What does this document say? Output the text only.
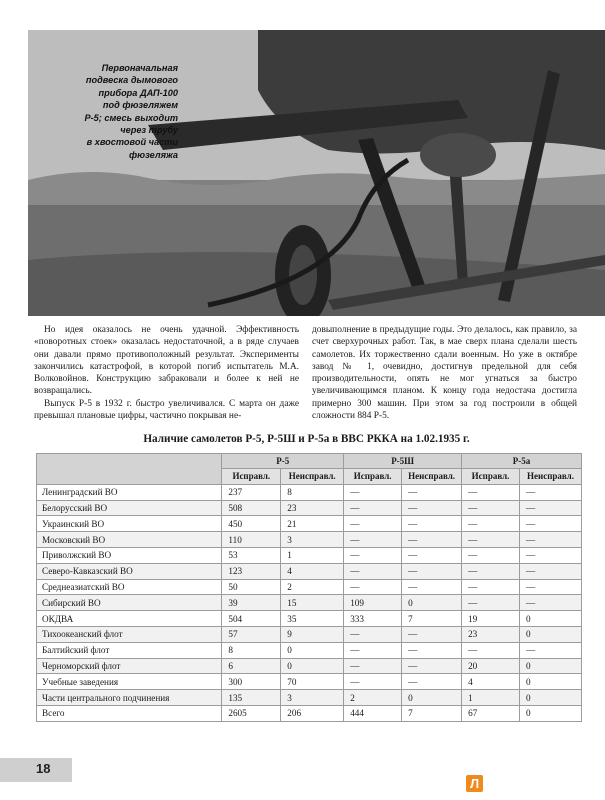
Первоначальная
подвеска дымового
прибора ДАП-100
под фюзеляжем
Р-5; смесь выходит
через трубу
в хвостовой части
фюзеляжа

Но идея оказалось не очень удачной. Эффективность «поворотных стоек» оказалась недостаточной, а в ряде случаев они давали прямо противоположный результат. Эксперименты закончились катастрофой, в которой погиб испытатель М.А. Волковойнов. Конструкцию забраковали и более к ней не возвращались.

Выпуск Р-5 в 1932 г. быстро увеличивался. С марта он даже превышал плановые цифры, частично покрывая не-

довыполнение в предыдущие годы. Это делалось, как правило, за счет сверхурочных работ. Так, в мае сверх плана сделали шесть самолетов. Их торжественно сдали военным. Но уже в октябре завод № 1, очевидно, достигнув предельной для себя производительности, опять не мог угнаться за быстро увеличивающимся планом. К концу года недостача достигла примерно 300 машин. При этом за год построили в общей сложности 884 Р-5.

Наличие самолетов Р-5, Р-5Ш и Р-5а в ВВС РККА на 1.02.1935 г.
	Р-5		Р-5Ш		Р-5а	
	Исправл.	Неисправл.	Исправл.	Неисправл.	Исправл.	Неисправл.
Ленинградский ВО	237	8	—	—	—	—
Белорусский ВО	508	23	—	—	—	—
Украинский ВО	450	21	—	—	—	—
Московский ВО	110	3	—	—	—	—
Приволжский ВО	53	1	—	—	—	—
Северо-Кавказский ВО	123	4	—	—	—	—
Среднеазиатский ВО	50	2	—	—	—	—
Сибирский ВО	39	15	109	0	—	—
ОКДВА	504	35	333	7	19	0
Тихоокеанский флот	57	9	—	—	23	0
Балтийский флот	8	0	—	—	—	—
Черноморский флот	6	0	—	—	20	0
Учебные заведения	300	70	—	—	4	0
Части центрального подчинения	135	3	2	0	1	0
Всего	2605	206	444	7	67	0
18
Л
